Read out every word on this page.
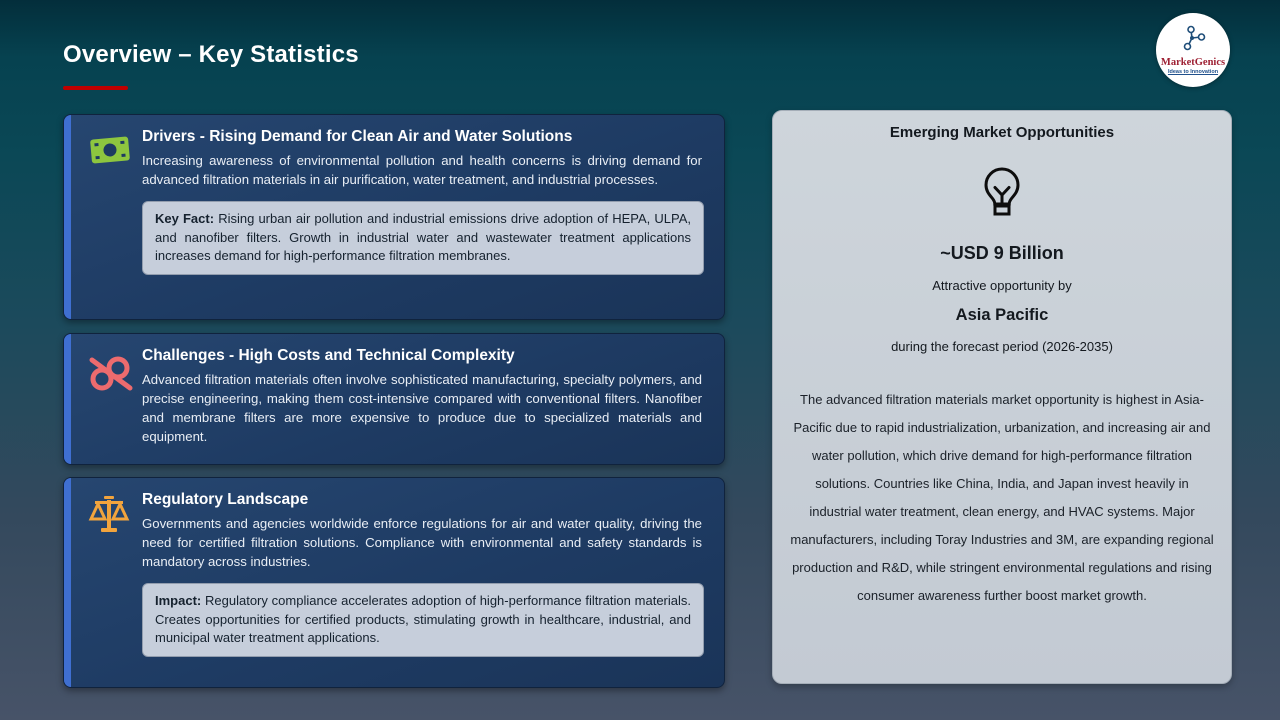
Overview – Key Statistics	MarketGenics
Ideas to Innovation
Drivers - Rising Demand for Clean Air and Water Solutions
Increasing awareness of environmental pollution and health concerns is driving demand for advanced filtration materials in air purification, water treatment, and industrial processes.
Key Fact: Rising urban air pollution and industrial emissions drive adoption of HEPA, ULPA, and nanofiber filters. Growth in industrial water and wastewater treatment applications increases demand for high-performance filtration membranes.
Challenges - High Costs and Technical Complexity
Advanced filtration materials often involve sophisticated manufacturing, specialty polymers, and precise engineering, making them cost-intensive compared with conventional filters. Nanofiber and membrane filters are more expensive to produce due to specialized materials and equipment.
Regulatory Landscape
Governments and agencies worldwide enforce regulations for air and water quality, driving the need for certified filtration solutions. Compliance with environmental and safety standards is mandatory across industries.
Impact: Regulatory compliance accelerates adoption of high-performance filtration materials. Creates opportunities for certified products, stimulating growth in healthcare, industrial, and municipal water treatment applications.
Emerging Market Opportunities
~USD 9 Billion
Attractive opportunity by
Asia Pacific
during the forecast period (2026-2035)
The advanced filtration materials market opportunity is highest in Asia-Pacific due to rapid industrialization, urbanization, and increasing air and water pollution, which drive demand for high-performance filtration solutions. Countries like China, India, and Japan invest heavily in industrial water treatment, clean energy, and HVAC systems. Major manufacturers, including Toray Industries and 3M, are expanding regional production and R&D, while stringent environmental regulations and rising consumer awareness further boost market growth.
